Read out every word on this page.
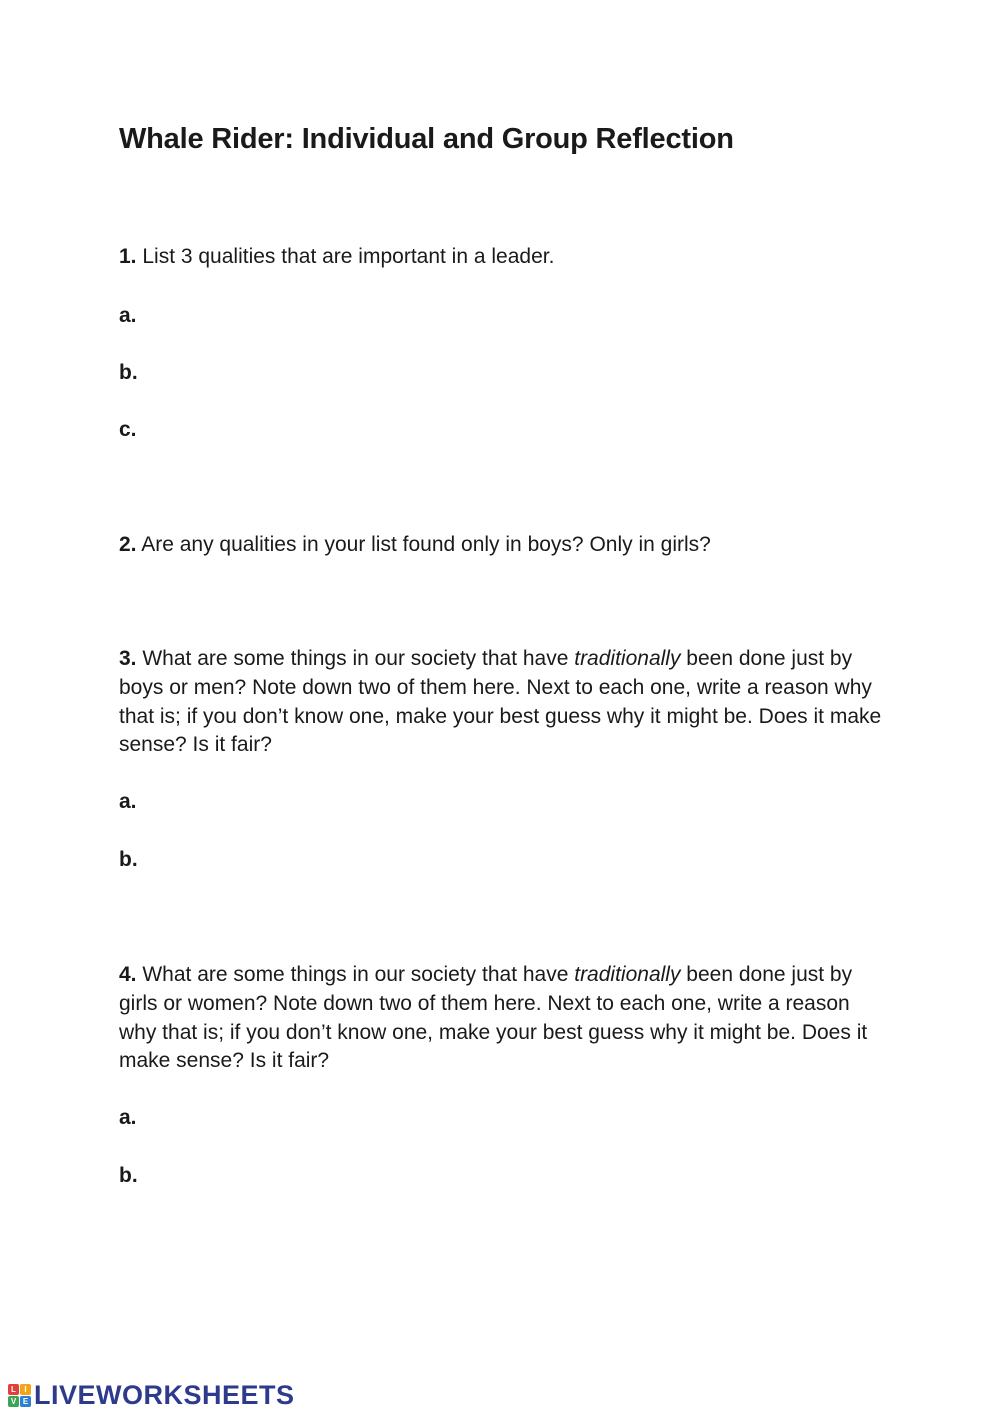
Whale Rider: Individual and Group Reflection

1. List 3 qualities that are important in a leader.

a.
b.
c.

2. Are any qualities in your list found only in boys? Only in girls?

3. What are some things in our society that have traditionally been done just by boys or men? Note down two of them here. Next to each one, write a reason why that is; if you don’t know one, make your best guess why it might be. Does it make sense? Is it fair?

a.
b.

4. What are some things in our society that have traditionally been done just by girls or women? Note down two of them here. Next to each one, write a reason why that is; if you don’t know one, make your best guess why it might be. Does it make sense? Is it fair?

a.
b.
L	I
V E LIVEWORKSHEETS
